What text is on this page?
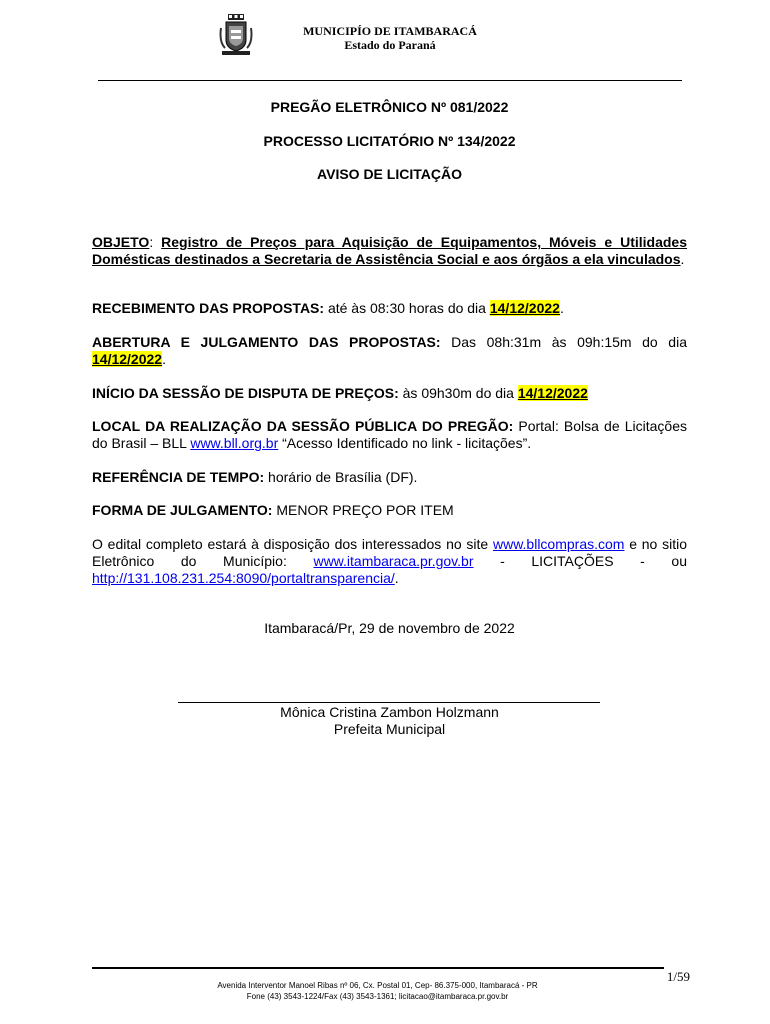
MUNICIPÍO DE ITAMBARACÁ
Estado do Paraná
PREGÃO ELETRÔNICO Nº 081/2022
PROCESSO LICITATÓRIO Nº 134/2022
AVISO DE LICITAÇÃO
OBJETO: Registro de Preços para Aquisição de Equipamentos, Móveis e Utilidades Domésticas destinados a Secretaria de Assistência Social e aos órgãos a ela vinculados.
RECEBIMENTO DAS PROPOSTAS: até às 08:30 horas do dia 14/12/2022.
ABERTURA E JULGAMENTO DAS PROPOSTAS: Das 08h:31m às 09h:15m do dia 14/12/2022.
INÍCIO DA SESSÃO DE DISPUTA DE PREÇOS: às 09h30m do dia 14/12/2022
LOCAL DA REALIZAÇÃO DA SESSÃO PÚBLICA DO PREGÃO: Portal: Bolsa de Licitações do Brasil – BLL www.bll.org.br “Acesso Identificado no link - licitações”.
REFERÊNCIA DE TEMPO: horário de Brasília (DF).
FORMA DE JULGAMENTO: MENOR PREÇO POR ITEM
O edital completo estará à disposição dos interessados no site www.bllcompras.com e no sitio Eletrônico do Município: www.itambaraca.pr.gov.br - LICITAÇÕES - ou http://131.108.231.254:8090/portaltransparencia/.
Itambaracá/Pr, 29 de novembro de 2022
Mônica Cristina Zambon Holzmann
Prefeita Municipal
1/59
Avenida Interventor Manoel Ribas nº 06, Cx. Postal 01, Cep- 86.375-000, Itambaracá - PR
Fone (43) 3543-1224/Fax (43) 3543-1361; licitacao@itambaraca.pr.gov.br
